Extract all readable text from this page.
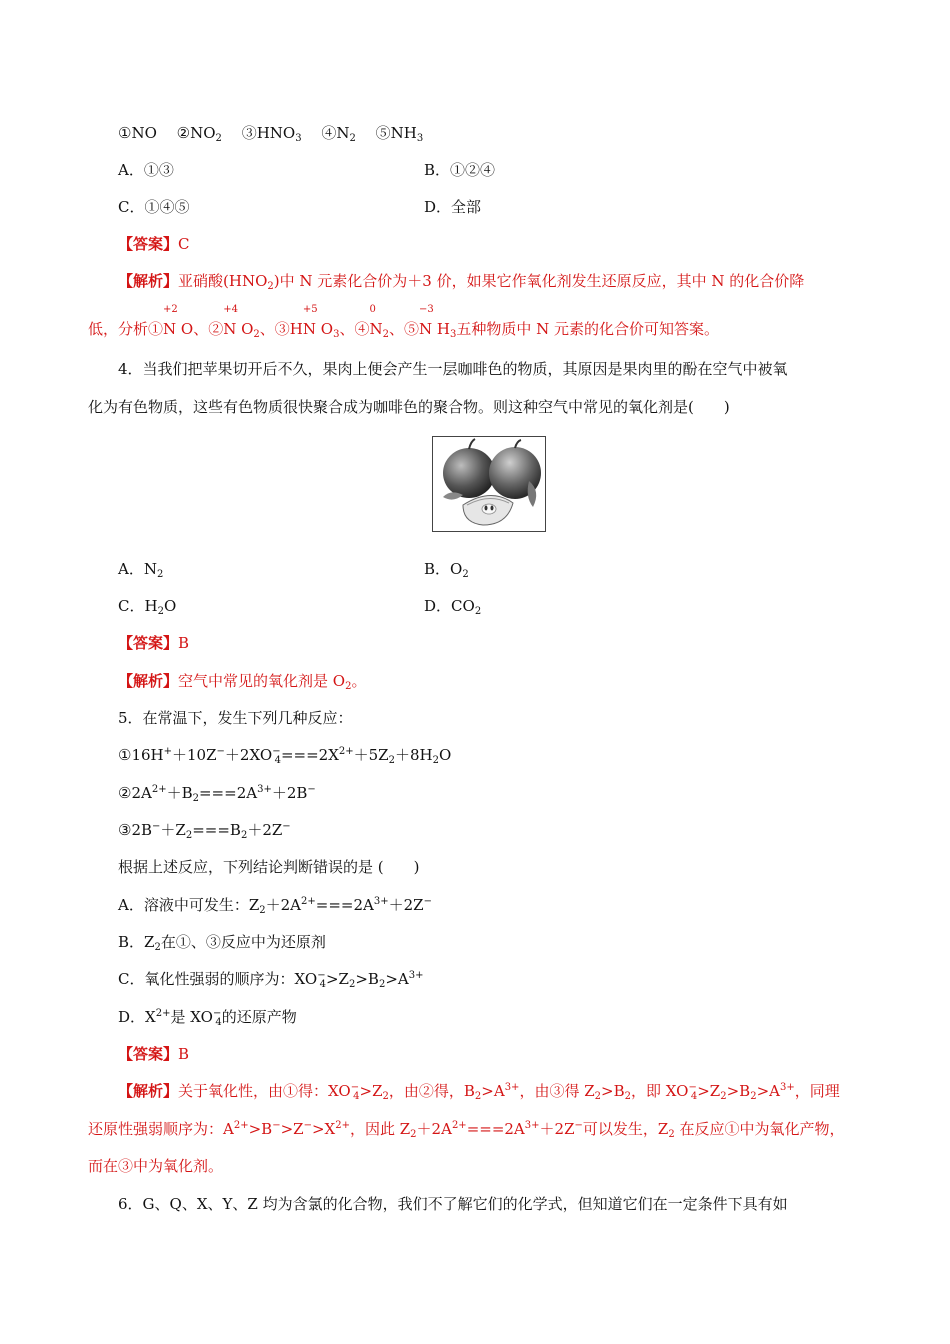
①NO　 $②NO_2$　 $③HNO_3$　 $④N_2$　 $⑤NH_3$
A．①③	B．①②④
C．①④⑤	D．全部
【答案】C
【解析】亚硝酸$(HNO_2)$中 N 元素化合价为＋3 价，如果它作氧化剂发生还原反应，其中 N 的化合价降
低，分析①
+2
N O、②
+4
N $O_2$、③H
+5
N $O_3$、④
0
$N_2$、⑤
−3
N $H_3$五种物质中 N 元素的化合价可知答案。
4．当我们把苹果切开后不久，果肉上便会产生一层咖啡色的物质，其原因是果肉里的酚在空气中被氧
化为有色物质，这些有色物质很快聚合成为咖啡色的聚合物。则这种空气中常见的氧化剂是(　　)
A．$N_2$	B．$O_2$
C．$H_2O$	D．$CO_2$
【答案】B
【解析】空气中常见的氧化剂是 $O_2$。
5．在常温下，发生下列几种反应：
$①16H^++10Z^-+2XO^-_4===2X^{2+}+5Z_2+8H_2O$
$②2A^{2+}+B_2===2A^{3+}+2B^-$
$③2B^-+Z_2===B_2+2Z^-$
根据上述反应，下列结论判断错误的是 (　　)
A．溶液中可发生：$Z_2+2A^{2+}===2A^{3+}+2Z^-$
B．$Z_2$在①、③反应中为还原剂
C．氧化性强弱的顺序为：$XO^-_4>Z_2>B_2>A^{3+}$
D．$X^{2+}$是 $XO^-_4$的还原产物
【答案】B
【解析】关于氧化性，由①得：$XO^-_4>Z_2$，由②得，$B_2>A^{3+}$，由③得 $Z_2>B_2$，即 $XO^-_4>Z_2>B_2>A^{3+}$，同理
还原性强弱顺序为：$A^{2+}>B^->Z^->X^{2+}$，因此 $Z_2+2A^{2+}===2A^{3+}+2Z^-$可以发生，$Z_2$ 在反应①中为氧化产物，
而在③中为氧化剂。
6．G、Q、X、Y、Z 均为含氯的化合物，我们不了解它们的化学式，但知道它们在一定条件下具有如
